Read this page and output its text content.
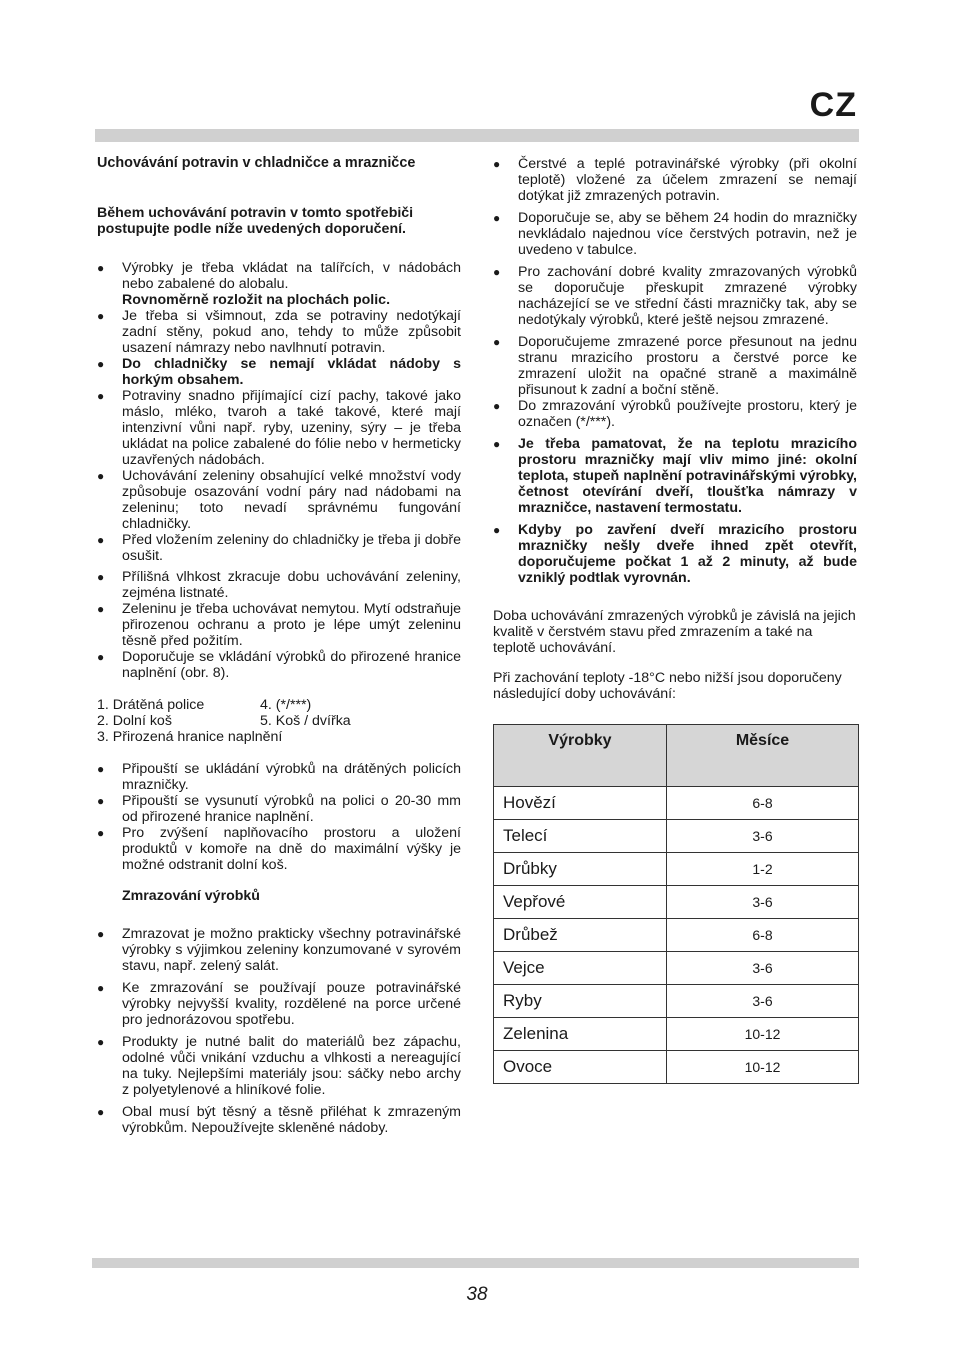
CZ

Uchovávání potravin v chladničce a mrazničce

Během uchovávání potravin v tomto spotřebiči postupujte podle níže uvedených doporučení.

● Výrobky je třeba vkládat na talířcích, v nádobách nebo zabalené do alobalu.
Rovnoměrně rozložit na plochách polic.
● Je třeba si všimnout, zda se potraviny nedotýkají zadní stěny, pokud ano, tehdy to může způsobit usazení námrazy nebo navlhnutí potravin.
● Do chladničky se nemají vkládat nádoby s horkým obsahem.
● Potraviny snadno přijímající cizí pachy, takové jako máslo, mléko, tvaroh a také takové, které mají intenzivní vůni např. ryby, uzeniny, sýry – je třeba ukládat na police zabalené do fólie nebo v hermeticky uzavřených nádobách.
● Uchovávání zeleniny obsahující velké množství vody způsobuje osazování vodní páry nad nádobami na zeleninu; toto nevadí správnému fungování chladničky.
● Před vložením zeleniny do chladničky je třeba ji dobře osušit.
● Přílišná vlhkost zkracuje dobu uchovávání zeleniny, zejména listnaté.
● Zeleninu je třeba uchovávat nemytou. Mytí odstraňuje přirozenou ochranu a proto je lépe umýt zeleninu těsně před požitím.
● Doporučuje se vkládání výrobků do přirozené hranice naplnění (obr. 8).
1. Drátěná police	4. (*/***)
2. Dolní koš	5. Koš / dvířka
3. Přirozená hranice naplnění
● Připouští se ukládání výrobků na drátěných policích mrazničky.
● Připouští se vysunutí výrobků na polici o 20-30 mm od přirozené hranice naplnění.
● Pro zvýšení naplňovacího prostoru a uložení produktů v komoře na dně do maximální výšky je možné odstranit dolní koš.

Zmrazování výrobků

● Zmrazovat je možno prakticky všechny potravinářské výrobky s výjimkou zeleniny konzumované v syrovém stavu, např. zelený salát.
● Ke zmrazování se používají pouze potravinářské výrobky nejvyšší kvality, rozdělené na porce určené pro jednorázovou spotřebu.
● Produkty je nutné balit do materiálů bez zápachu, odolné vůči vnikání vzduchu a vlhkosti a nereagující na tuky. Nejlepšími materiály jsou: sáčky nebo archy z polyetylenové a hliníkové folie.
● Obal musí být těsný a těsně přiléhat k zmrazeným výrobkům. Nepoužívejte skleněné nádoby.
● Čerstvé a teplé potravinářské výrobky (při okolní teplotě) vložené za účelem zmrazení se nemají dotýkat již zmrazených potravin.
● Doporučuje se, aby se během 24 hodin do mrazničky nevkládalo najednou více čerstvých potravin, než je uvedeno v tabulce.
● Pro zachování dobré kvality zmrazovaných výrobků se doporučuje přeskupit zmrazené výrobky nacházející se ve střední části mrazničky tak, aby se nedotýkaly výrobků, které ještě nejsou zmrazené.
● Doporučujeme zmrazené porce přesunout na jednu stranu mrazicího prostoru a čerstvé porce ke zmrazení uložit na opačné straně a maximálně přisunout k zadní a boční stěně.
● Do zmrazování výrobků používejte prostoru, který je označen (*/***).
● Je třeba pamatovat, že na teplotu mrazicího prostoru mrazničky mají vliv mimo jiné: okolní teplota, stupeň naplnění potravinářskými výrobky, četnost otevírání dveří, tloušťka námrazy v mrazničce, nastavení termostatu.
● Kdyby po zavření dveří mrazicího prostoru mrazničky nešly dveře ihned zpět otevřít, doporučujeme počkat 1 až 2 minuty, až bude vzniklý podtlak vyrovnán.

Doba uchovávání zmrazených výrobků je závislá na jejich kvalitě v čerstvém stavu před zmrazením a také na teplotě uchovávání.

Při zachování teploty -18°C nebo nižší jsou doporučeny následující doby uchovávání:

Výrobky	Měsíce
Hovězí	6-8
Telecí	3-6
Drůbky	1-2
Vepřové	3-6
Drůbež	6-8
Vejce	3-6
Ryby	3-6
Zelenina	10-12
Ovoce	10-12
38
